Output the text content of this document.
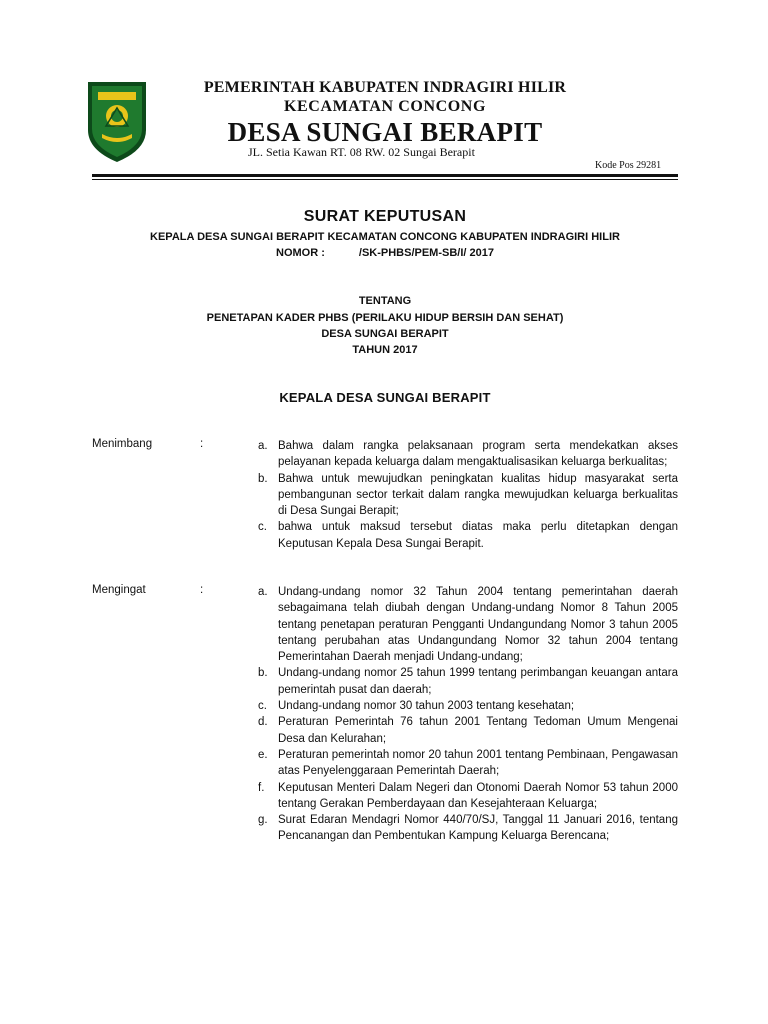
PEMERINTAH KABUPATEN INDRAGIRI HILIR
KECAMATAN CONCONG
DESA SUNGAI BERAPIT
JL. Setia Kawan RT. 08 RW. 02 Sungai Berapit
Kode Pos 29281
SURAT KEPUTUSAN
KEPALA DESA SUNGAI BERAPIT KECAMATAN CONCONG KABUPATEN INDRAGIRI HILIR
NOMOR :	/SK-PHBS/PEM-SB/I/ 2017
TENTANG
PENETAPAN KADER PHBS (PERILAKU HIDUP BERSIH DAN SEHAT)
DESA SUNGAI BERAPIT
TAHUN 2017
KEPALA DESA SUNGAI BERAPIT
Menimbang	:	a. Bahwa dalam rangka pelaksanaan program serta mendekatkan akses pelayanan kepada keluarga dalam mengaktualisasikan keluarga berkualitas;
b. Bahwa untuk mewujudkan peningkatan kualitas hidup masyarakat serta pembangunan sector terkait dalam rangka mewujudkan keluarga berkualitas di Desa Sungai Berapit;
c. bahwa untuk maksud tersebut diatas maka perlu ditetapkan dengan Keputusan Kepala Desa Sungai Berapit.
Mengingat	:	a. Undang-undang nomor 32 Tahun 2004 tentang pemerintahan daerah sebagaimana telah diubah dengan Undang-undang Nomor 8 Tahun 2005 tentang penetapan peraturan Pengganti Undangundang Nomor 3 tahun 2005 tentang perubahan atas Undangundang Nomor 32 tahun 2004 tentang Pemerintahan Daerah menjadi Undang-undang;
b. Undang-undang nomor 25 tahun 1999 tentang perimbangan keuangan antara pemerintah pusat dan daerah;
c. Undang-undang nomor 30 tahun 2003 tentang kesehatan;
d. Peraturan Pemerintah 76 tahun 2001 Tentang Tedoman Umum Mengenai Desa dan Kelurahan;
e. Peraturan pemerintah nomor 20 tahun 2001 tentang Pembinaan, Pengawasan atas Penyelenggaraan Pemerintah Daerah;
f. Keputusan Menteri Dalam Negeri dan Otonomi Daerah Nomor 53 tahun 2000 tentang Gerakan Pemberdayaan dan Kesejahteraan Keluarga;
g. Surat Edaran Mendagri Nomor 440/70/SJ, Tanggal 11 Januari 2016, tentang Pencanangan dan Pembentukan Kampung Keluarga Berencana;
